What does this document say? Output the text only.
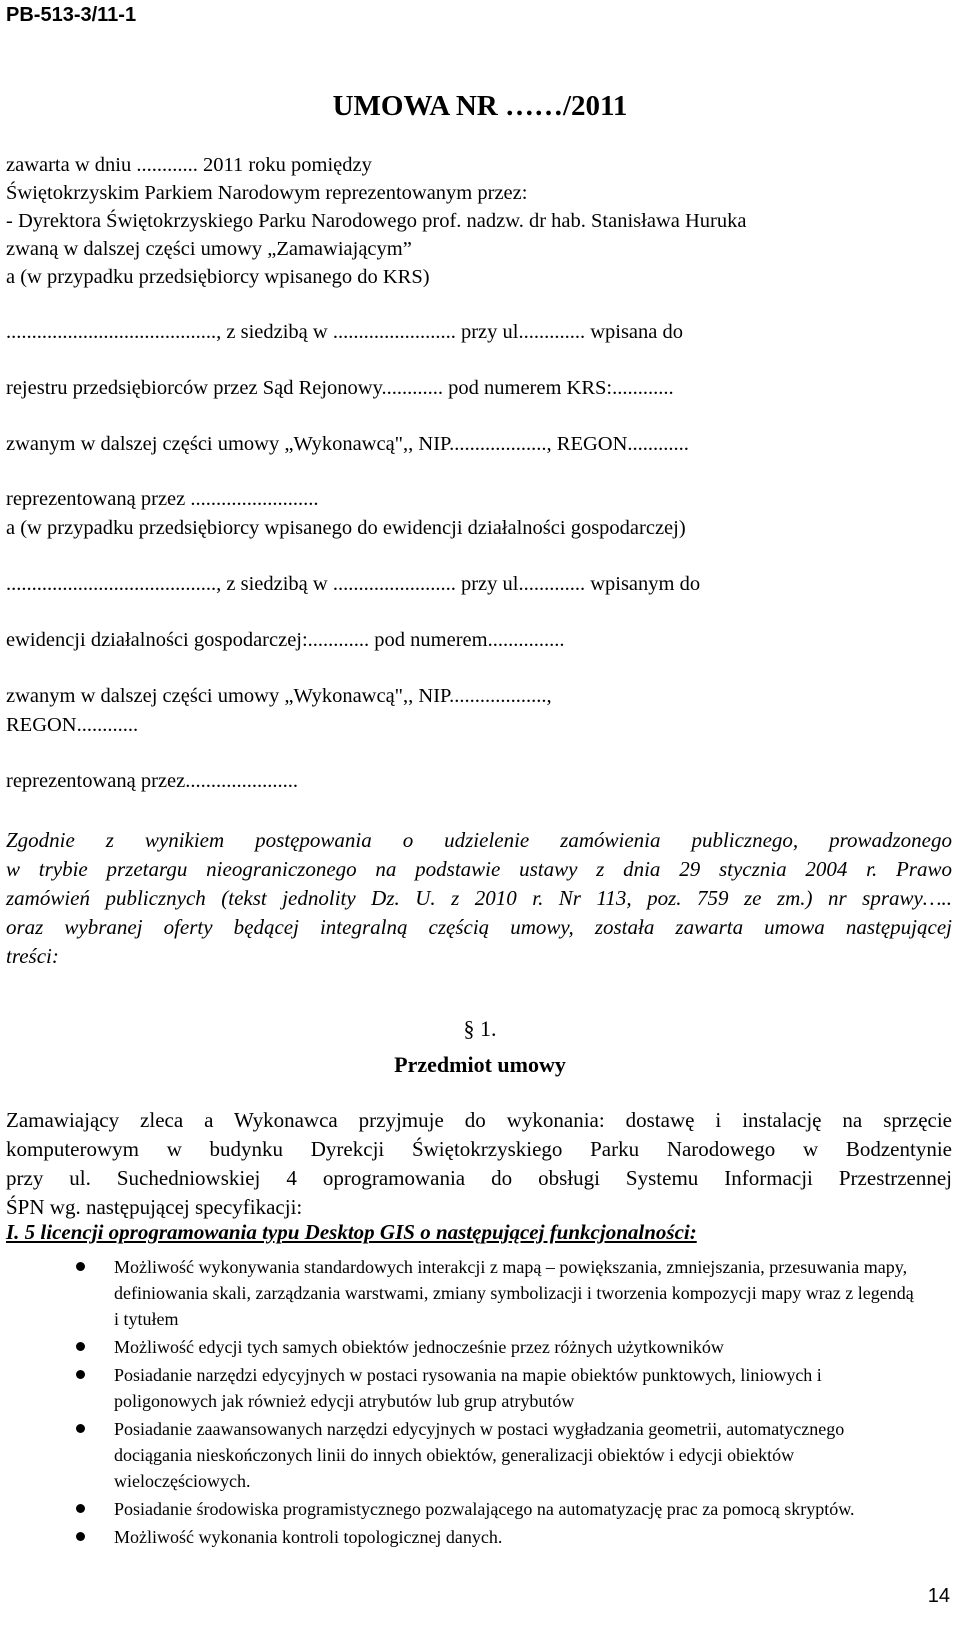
PB-513-3/11-1
UMOWA NR ……/2011
zawarta w dniu ............ 2011 roku pomiędzy
Świętokrzyskim Parkiem Narodowym reprezentowanym przez:
- Dyrektora Świętokrzyskiego Parku Narodowego prof. nadzw. dr hab. Stanisława Huruka
zwaną w dalszej części umowy „Zamawiającym”
a (w przypadku przedsiębiorcy wpisanego do KRS)
........................................., z siedzibą w ........................ przy ul............. wpisana do
rejestru przedsiębiorców przez Sąd Rejonowy............ pod numerem KRS:............
zwanym w dalszej części umowy „Wykonawcą",, NIP..................., REGON............
reprezentowaną przez .........................
a (w przypadku przedsiębiorcy wpisanego do ewidencji działalności gospodarczej)
........................................., z siedzibą w ........................ przy ul............. wpisanym do
ewidencji działalności gospodarczej:............ pod numerem...............
zwanym w dalszej części umowy „Wykonawcą",, NIP...................,
REGON............
reprezentowaną przez......................
Zgodnie z wynikiem postępowania o udzielenie zamówienia publicznego, prowadzonego
w trybie przetargu nieograniczonego na podstawie ustawy z dnia 29 stycznia 2004 r. Prawo
zamówień publicznych (tekst jednolity Dz. U. z 2010 r. Nr 113, poz. 759 ze zm.) nr sprawy…..
oraz wybranej oferty będącej integralną częścią umowy, została zawarta umowa następującej
treści:
§ 1.
Przedmiot umowy
Zamawiający zleca a Wykonawca przyjmuje do wykonania: dostawę i instalację na sprzęcie
komputerowym w budynku Dyrekcji Świętokrzyskiego Parku Narodowego w Bodzentynie
przy ul. Suchedniowskiej 4 oprogramowania do obsługi Systemu Informacji Przestrzennej
ŚPN wg. następującej specyfikacji:
I. 5 licencji oprogramowania typu Desktop GIS o następującej funkcjonalności:
Możliwość wykonywania standardowych interakcji z mapą – powiększania, zmniejszania, przesuwania mapy, definiowania skali, zarządzania warstwami, zmiany symbolizacji i tworzenia kompozycji mapy wraz z legendą i tytułem
Możliwość edycji tych samych obiektów jednocześnie przez różnych użytkowników
Posiadanie narzędzi edycyjnych w postaci rysowania na mapie obiektów punktowych, liniowych i poligonowych jak również edycji atrybutów lub grup atrybutów
Posiadanie zaawansowanych narzędzi edycyjnych w postaci wygładzania geometrii, automatycznego dociągania nieskończonych linii do innych obiektów, generalizacji obiektów i edycji obiektów wieloczęściowych.
Posiadanie środowiska programistycznego pozwalającego na automatyzację prac za pomocą skryptów.
Możliwość wykonania kontroli topologicznej danych.
14
